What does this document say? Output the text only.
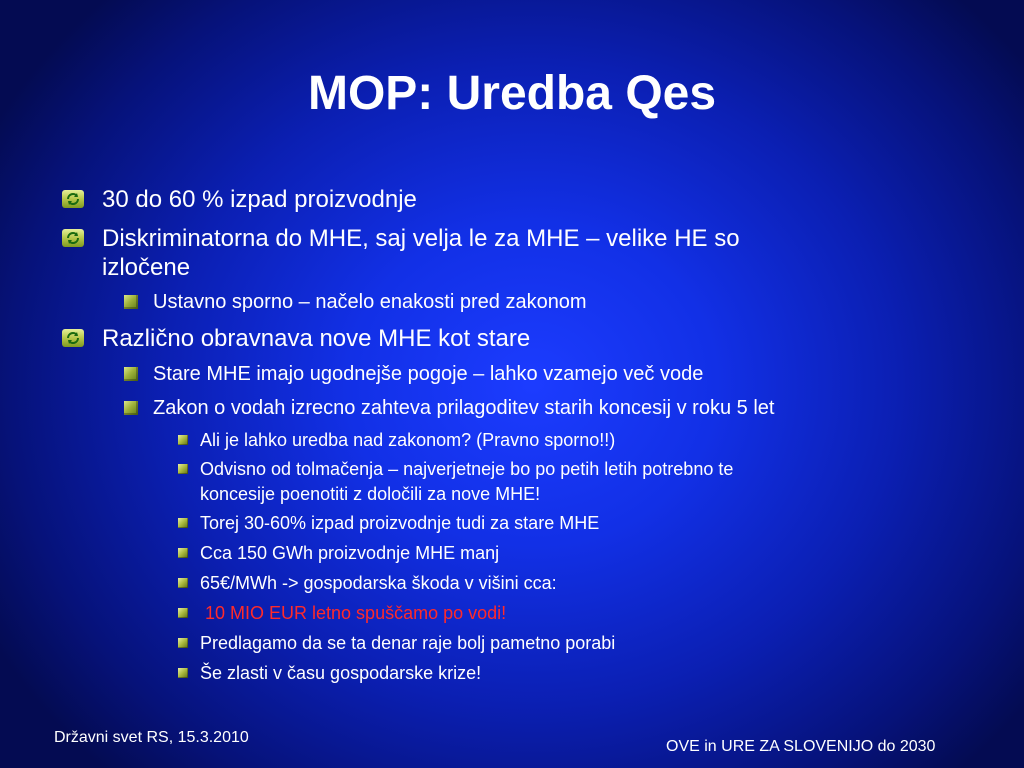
MOP: Uredba Qes
30 do 60 % izpad proizvodnje
Diskriminatorna do MHE, saj velja le za MHE – velike HE so
izločene
Ustavno sporno – načelo enakosti pred zakonom
Različno obravnava nove MHE kot stare
Stare MHE imajo ugodnejše pogoje – lahko vzamejo več vode
Zakon o vodah izrecno zahteva prilagoditev starih koncesij v roku 5 let
Ali je lahko uredba nad zakonom? (Pravno sporno!!)
Odvisno od tolmačenja – najverjetneje bo po petih letih potrebno te
koncesije poenotiti z določili za nove MHE!
Torej 30-60% izpad proizvodnje tudi za stare MHE
Cca 150 GWh proizvodnje MHE manj
65€/MWh -> gospodarska škoda v višini cca:
10 MIO EUR letno spuščamo po vodi!
Predlagamo da se ta denar raje bolj pametno porabi
Še zlasti v času gospodarske krize!
Državni svet RS, 15.3.2010
OVE in URE ZA SLOVENIJO do 2030
